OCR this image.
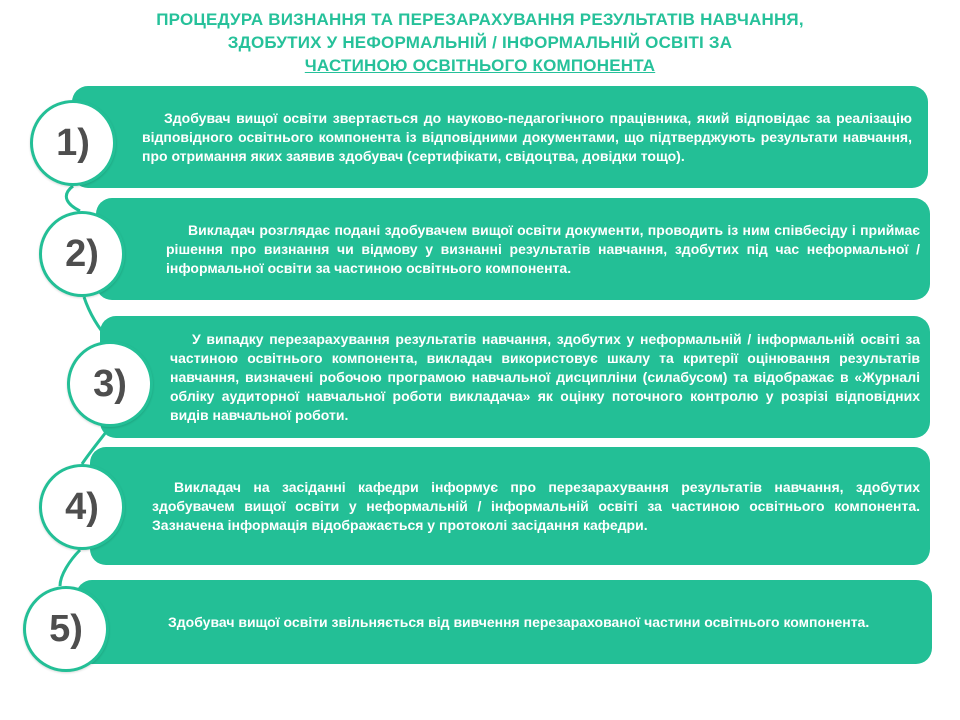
ПРОЦЕДУРА ВИЗНАННЯ ТА ПЕРЕЗАРАХУВАННЯ РЕЗУЛЬТАТІВ НАВЧАННЯ,
ЗДОБУТИХ У НЕФОРМАЛЬНІЙ / ІНФОРМАЛЬНІЙ ОСВІТІ ЗА
ЧАСТИНОЮ ОСВІТНЬОГО КОМПОНЕНТА
Здобувач вищої освіти звертається до науково-педагогічного працівника, який відповідає за реалізацію відповідного освітнього компонента із відповідними документами, що підтверджують результати навчання, про отримання яких заявив здобувач (сертифікати, свідоцтва, довідки тощо).
1)
Викладач розглядає подані здобувачем вищої освіти документи, проводить із ним співбесіду і приймає рішення про визнання чи відмову у визнанні результатів навчання, здобутих під час неформальної / інформальної освіти за частиною освітнього компонента.
2)
У випадку перезарахування результатів навчання, здобутих у неформальній / інформальній освіті за частиною освітнього компонента, викладач використовує шкалу та критерії оцінювання результатів навчання, визначені робочою програмою навчальної дисципліни (силабусом) та відображає в «Журналі обліку аудиторної навчальної роботи викладача» як оцінку поточного контролю у розрізі відповідних видів навчальної роботи.
3)
Викладач на засіданні кафедри інформує про перезарахування результатів навчання, здобутих здобувачем вищої освіти у неформальній / інформальній освіті за частиною освітнього компонента. Зазначена інформація відображається у протоколі засідання кафедри.
4)
Здобувач вищої освіти звільняється від вивчення перезарахованої частини освітнього компонента.
5)
